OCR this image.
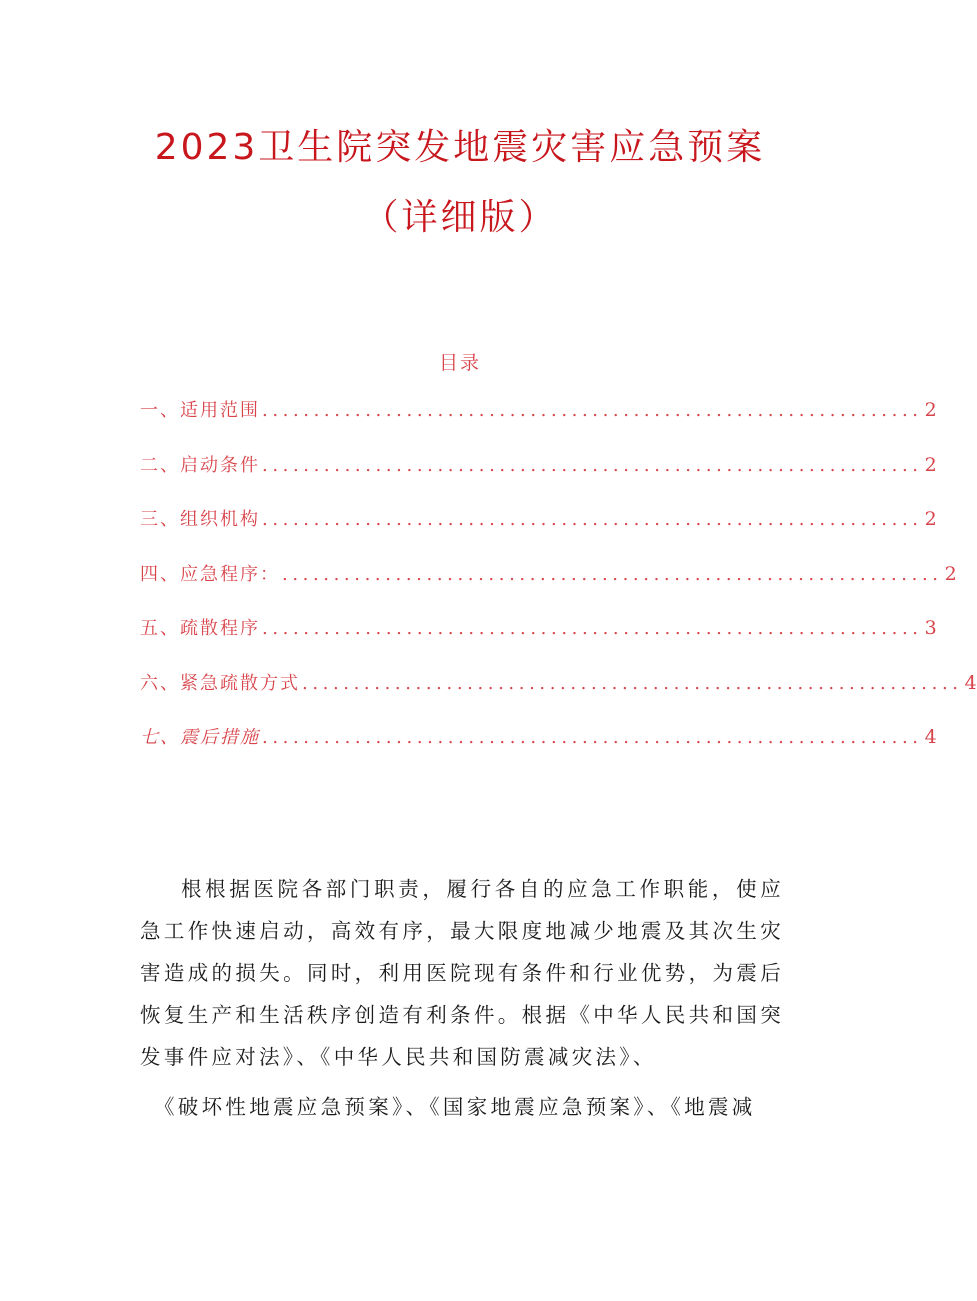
2023卫生院突发地震灾害应急预案
（详细版）
目录
一、适用范围 ................................................................ 2
二、启动条件 ................................................................ 2
三、组织机构 ................................................................ 2
四、应急程序： ................................................................ 2
五、疏散程序 ................................................................ 3
六、紧急疏散方式 ................................................................ 4
七、震后措施 ................................................................ 4

根根据医院各部门职责，履行各自的应急工作职能，使应急工作快速启动，高效有序，最大限度地减少地震及其次生灾害造成的损失。同时，利用医院现有条件和行业优势，为震后恢复生产和生活秩序创造有利条件。根据《中华人民共和国突发事件应对法》、《中华人民共和国防震减灾法》、

《破坏性地震应急预案》、《国家地震应急预案》、《地震减
